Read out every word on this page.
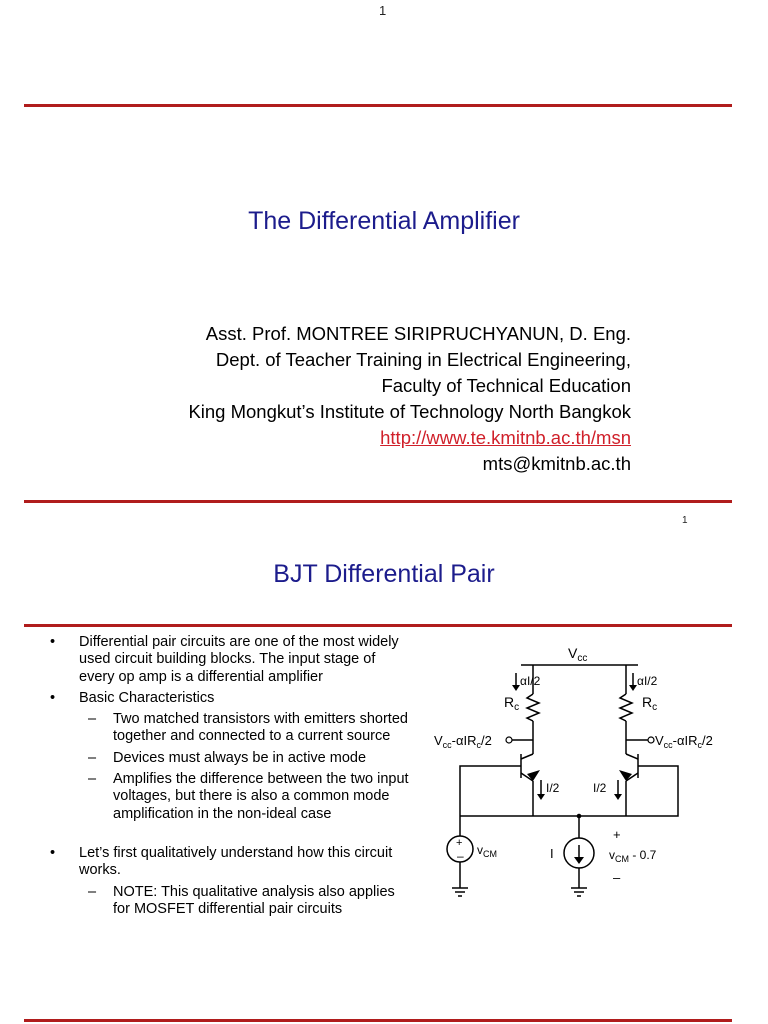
1
The Differential Amplifier
Asst. Prof. MONTREE SIRIPRUCHYANUN, D. Eng.
Dept. of Teacher Training in Electrical Engineering,
Faculty of Technical Education
King Mongkut’s Institute of Technology North Bangkok
http://www.te.kmitnb.ac.th/msn
mts@kmitnb.ac.th
1
BJT Differential Pair
• Differential pair circuits are one of the most widely used circuit building blocks. The input stage of every op amp is a differential amplifier
• Basic Characteristics
– Two matched transistors with emitters shorted together and connected to a current source
– Devices must always be in active mode
– Amplifies the difference between the two input voltages, but there is also a common mode amplification in the non-ideal case
• Let’s first qualitatively understand how this circuit works.
– NOTE: This qualitative analysis also applies for MOSFET differential pair circuits
$V_{cc}$
$R_c$	$R_c$
αI/2	αI/2
$V_{cc}-\alpha IR_c/2$	$V_{cc}-\alpha IR_c/2$
I/2	I/2
+
– $v_{CM}$	I
+
$v_{CM} - 0.7$
–
